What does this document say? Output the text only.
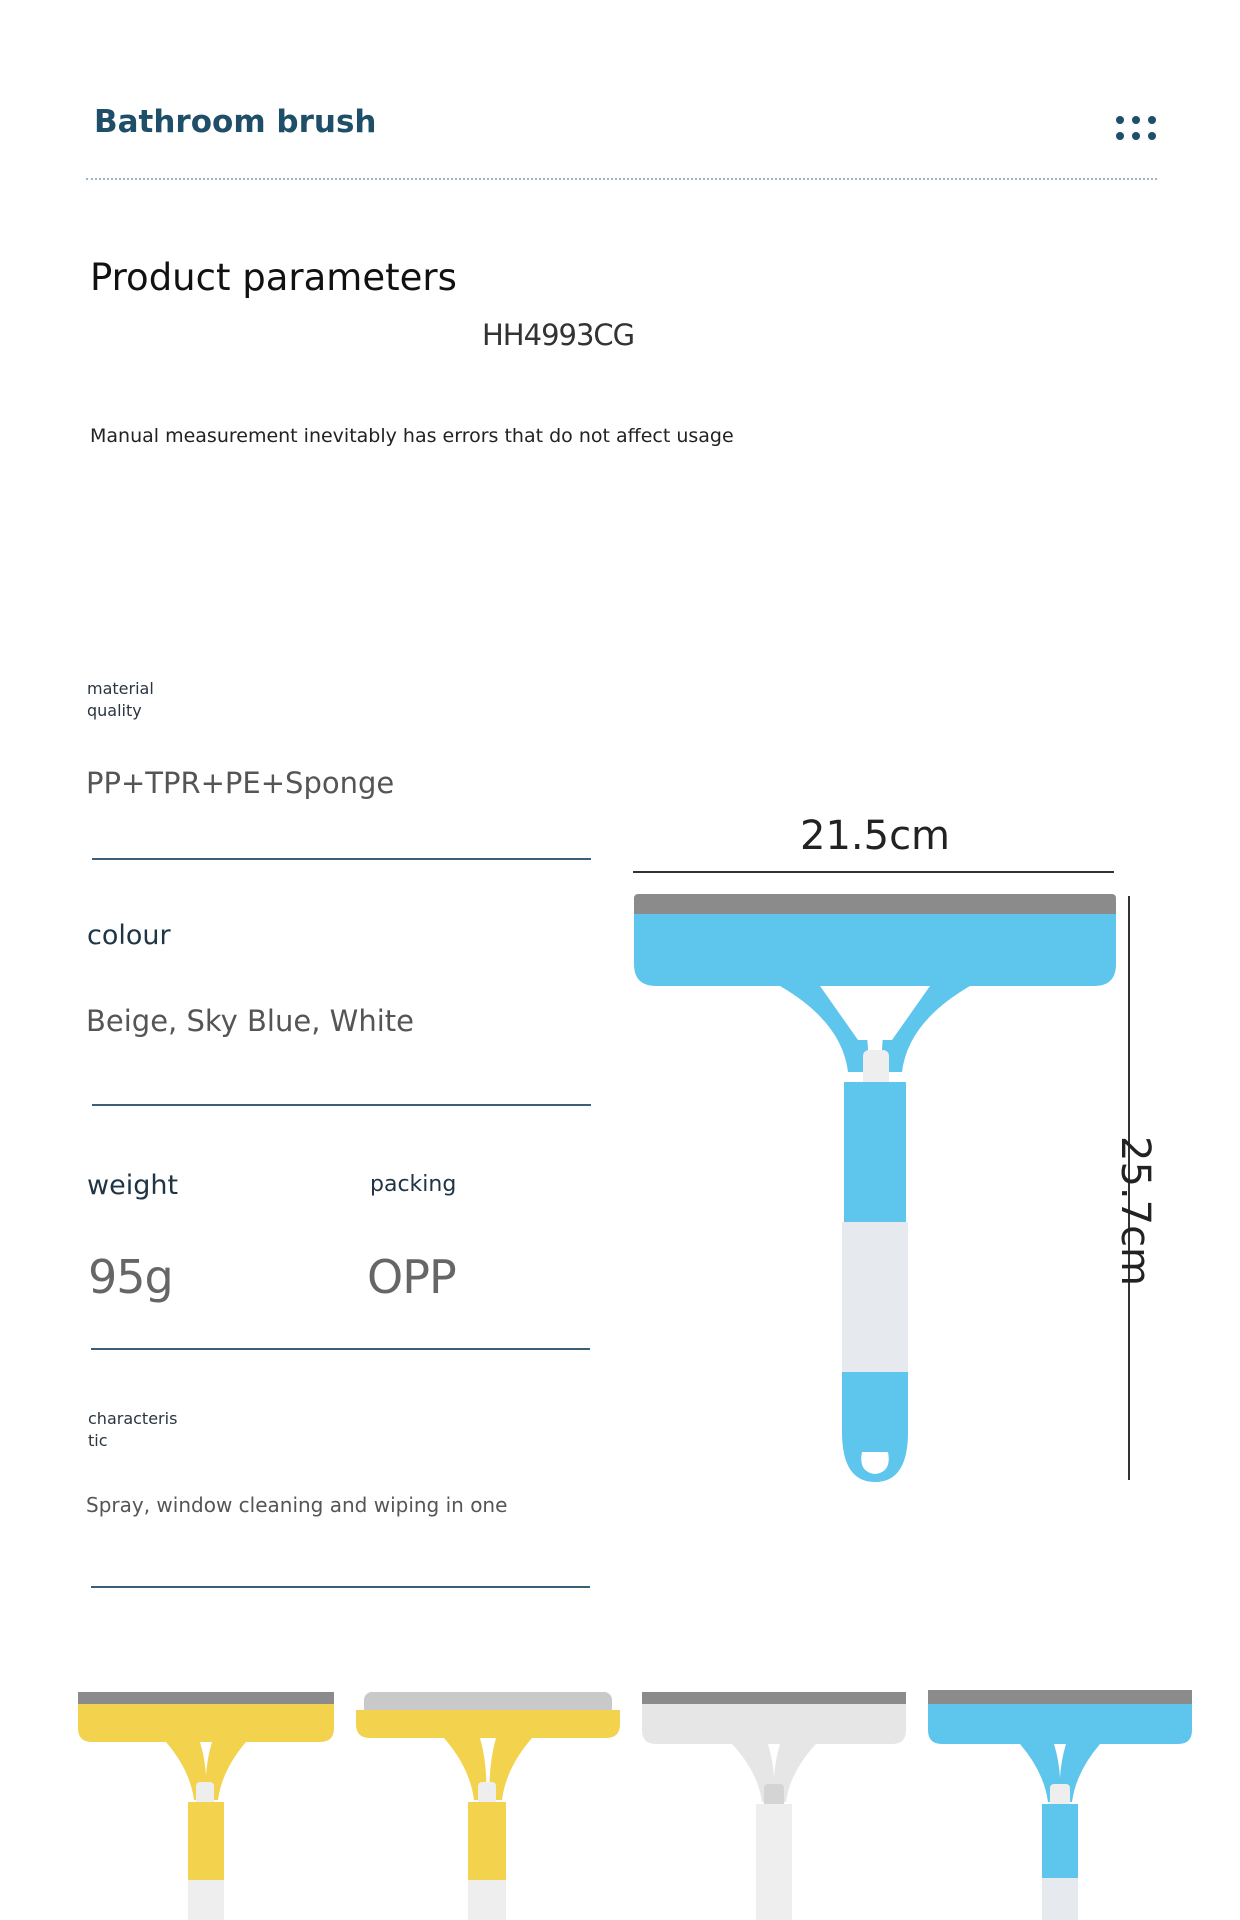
Bathroom brush
Product parameters
HH4993CG
Manual measurement inevitably has errors that do not affect usage
material quality
PP+TPR+PE+Sponge
colour
Beige, Sky Blue, White
weight	packing
95g	OPP
characteris tic
Spray, window cleaning and wiping in one
21.5cm
25.7cm
